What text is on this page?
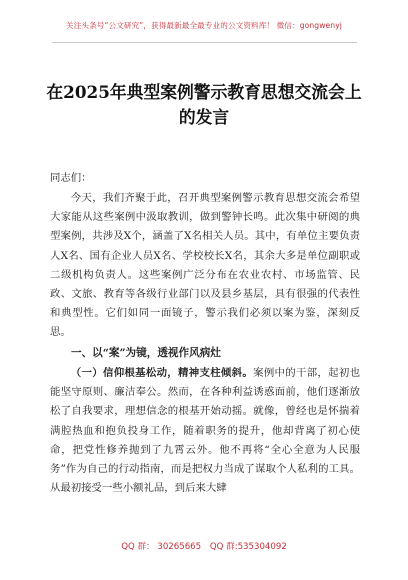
关注头条号“公文研究”，获得最新最全最专业的公文资料库！ 微信：gongwenyj
在2025年典型案例警示教育思想交流会上的发言
同志们：
今天，我们齐聚于此，召开典型案例警示教育思想交流会希望大家能从这些案例中汲取教训，做到警钟长鸣。此次集中研阅的典型案例，共涉及X个，涵盖了X名相关人员。其中，有单位主要负责人X名、国有企业人员X名、学校校长X名，其余大多是单位副职或二级机构负责人。这些案例广泛分布在农业农村、市场监管、民政、文旅、教育等各级行业部门以及县乡基层，具有很强的代表性和典型性。它们如同一面镜子，警示我们必须以案为鉴，深刻反思。
一、以“案”为镜，透视作风病灶
（一）信仰根基松动，精神支柱倾斜。案例中的干部，起初也能坚守原则、廉洁奉公。然而，在各种利益诱惑面前，他们逐渐放松了自我要求，理想信念的根基开始动摇。就像，曾经也是怀揣着满腔热血和抱负投身工作，随着职务的提升，他却背离了初心使命，把党性修养抛到了九霄云外。他不再将“全心全意为人民服务”作为自己的行动指南，而是把权力当成了谋取个人私利的工具。从最初接受一些小额礼品，到后来大肆
QQ 群： 30265665 QQ 群:535304092
